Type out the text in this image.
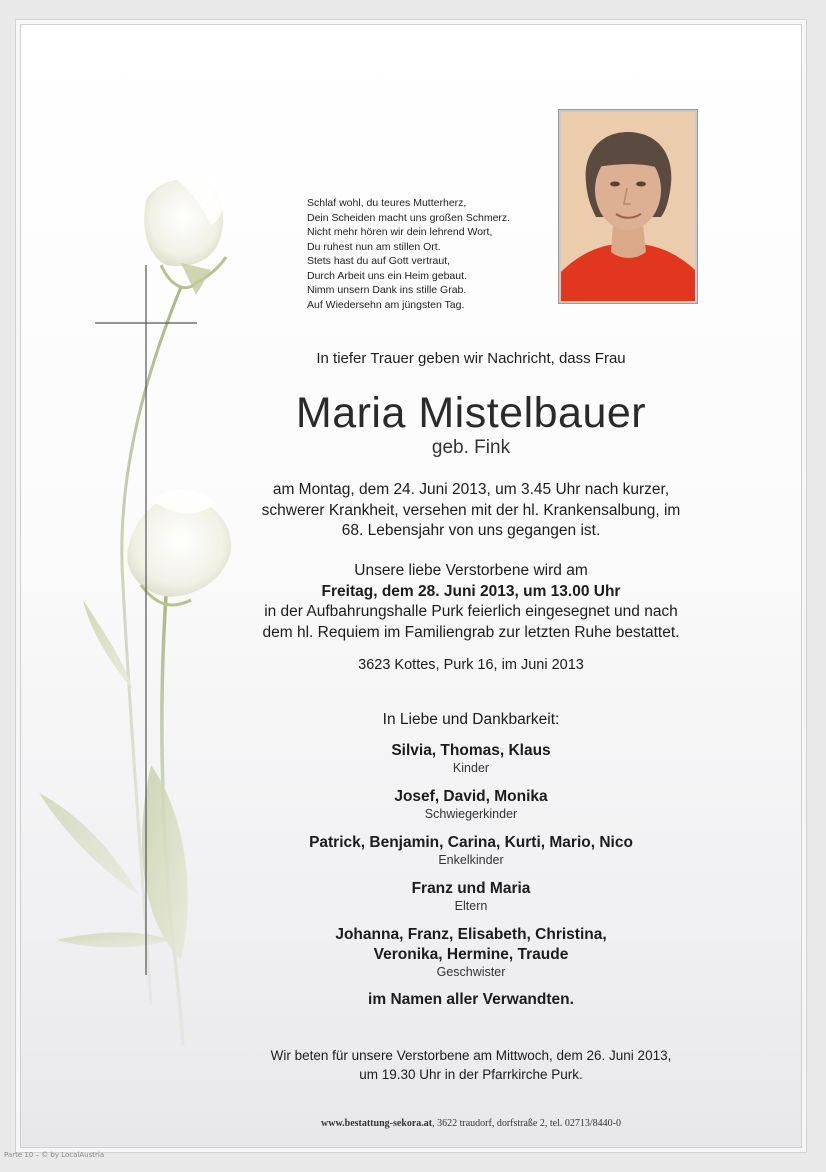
Schlaf wohl, du teures Mutterherz,
Dein Scheiden macht uns großen Schmerz.
Nicht mehr hören wir dein lehrend Wort,
Du ruhest nun am stillen Ort.
Stets hast du auf Gott vertraut,
Durch Arbeit uns ein Heim gebaut.
Nimm unsern Dank ins stille Grab.
Auf Wiedersehn am jüngsten Tag.
In tiefer Trauer geben wir Nachricht, dass Frau
Maria Mistelbauer
geb. Fink
am Montag, dem 24. Juni 2013, um 3.45 Uhr nach kurzer,
schwerer Krankheit, versehen mit der hl. Krankensalbung, im
68. Lebensjahr von uns gegangen ist.
Unsere liebe Verstorbene wird am
Freitag, dem 28. Juni 2013, um 13.00 Uhr
in der Aufbahrungshalle Purk feierlich eingesegnet und nach
dem hl. Requiem im Familiengrab zur letzten Ruhe bestattet.
3623 Kottes, Purk 16, im Juni 2013
In Liebe und Dankbarkeit:
Silvia, Thomas, Klaus
Kinder
Josef, David, Monika
Schwiegerkinder
Patrick, Benjamin, Carina, Kurti, Mario, Nico
Enkelkinder
Franz und Maria
Eltern
Johanna, Franz, Elisabeth, Christina,
Veronika, Hermine, Traude
Geschwister
im Namen aller Verwandten.
Wir beten für unsere Verstorbene am Mittwoch, dem 26. Juni 2013,
um 19.30 Uhr in der Pfarrkirche Purk.
www.bestattung-sekora.at, 3622 traudorf, dorfstraße 2, tel. 02713/8440-0
Parte 10 – © by LocalAustria
